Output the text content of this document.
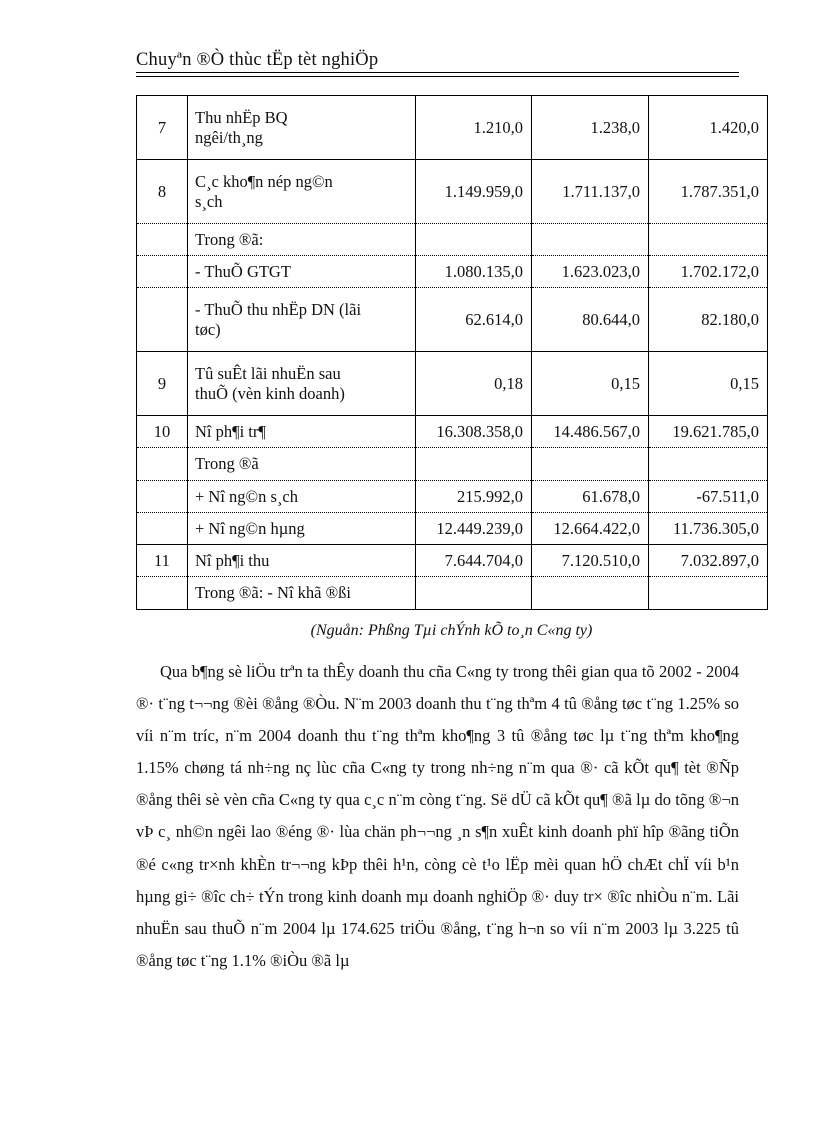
Chuyªn ®Ò thùc tËp tèt nghiÖp
7	Thu nhËp BQ
ngêi/th¸ng	1.210,0	1.238,0	1.420,0
8	C¸c kho¶n nép ng©n
s¸ch	1.149.959,0	1.711.137,0	1.787.351,0

	Trong ®ã:			

	- ThuÕ GTGT	1.080.135,0	1.623.023,0	1.702.172,0

	- ThuÕ thu nhËp DN (lãi
tøc)	62.614,0	80.644,0	82.180,0
9	Tû suÊt lãi nhuËn sau
thuÕ (vèn kinh doanh)	0,18	0,15	0,15
10	Nî ph¶i tr¶	16.308.358,0	14.486.567,0	19.621.785,0

	Trong ®ã			

	+ Nî ng©n s¸ch	215.992,0	61.678,0	-67.511,0

	+ Nî ng©n hµng	12.449.239,0	12.664.422,0	11.736.305,0
11	Nî ph¶i thu	7.644.704,0	7.120.510,0	7.032.897,0

	Trong ®ã: - Nî khã ®ßi			

(Nguån: Phßng Tµi chÝnh kÕ to¸n C«ng ty)

Qua b¶ng sè liÖu trªn ta thÊy doanh thu cña C«ng ty trong thêi gian qua tõ 2002 - 2004 ®· t¨ng t¬¬ng ®èi ®ång ®Òu. N¨m 2003 doanh thu t¨ng thªm 4 tû ®ång tøc t¨ng 1.25% so víi n¨m tríc, n¨m 2004 doanh thu t¨ng thªm kho¶ng 3 tû ®ång tøc lµ t¨ng thªm kho¶ng 1.15% chøng tá nh÷ng nç lùc cña C«ng ty trong nh÷ng n¨m qua ®· cã kÕt qu¶ tèt ®Ñp ®ång thêi sè vèn cña C«ng ty qua c¸c n¨m còng t¨ng. Së dÜ cã kÕt qu¶ ®ã lµ do tõng ®¬n vÞ c¸ nh©n ngêi lao ®éng ®· lùa chän ph¬¬ng ¸n s¶n xuÊt kinh doanh phï hîp ®ãng tiÕn ®é c«ng tr×nh khÈn tr¬¬ng kÞp thêi h¹n, còng cè t¹o lËp mèi quan hÖ chÆt chÏ víi b¹n hµng gi÷ ®îc ch÷ tÝn trong kinh doanh mµ doanh nghiÖp ®· duy tr× ®îc nhiÒu n¨m. Lãi nhuËn sau thuÕ n¨m 2004 lµ 174.625 triÖu ®ång, t¨ng h¬n so víi n¨m 2003 lµ 3.225 tû ®ång tøc t¨ng 1.1% ®iÒu ®ã lµ
